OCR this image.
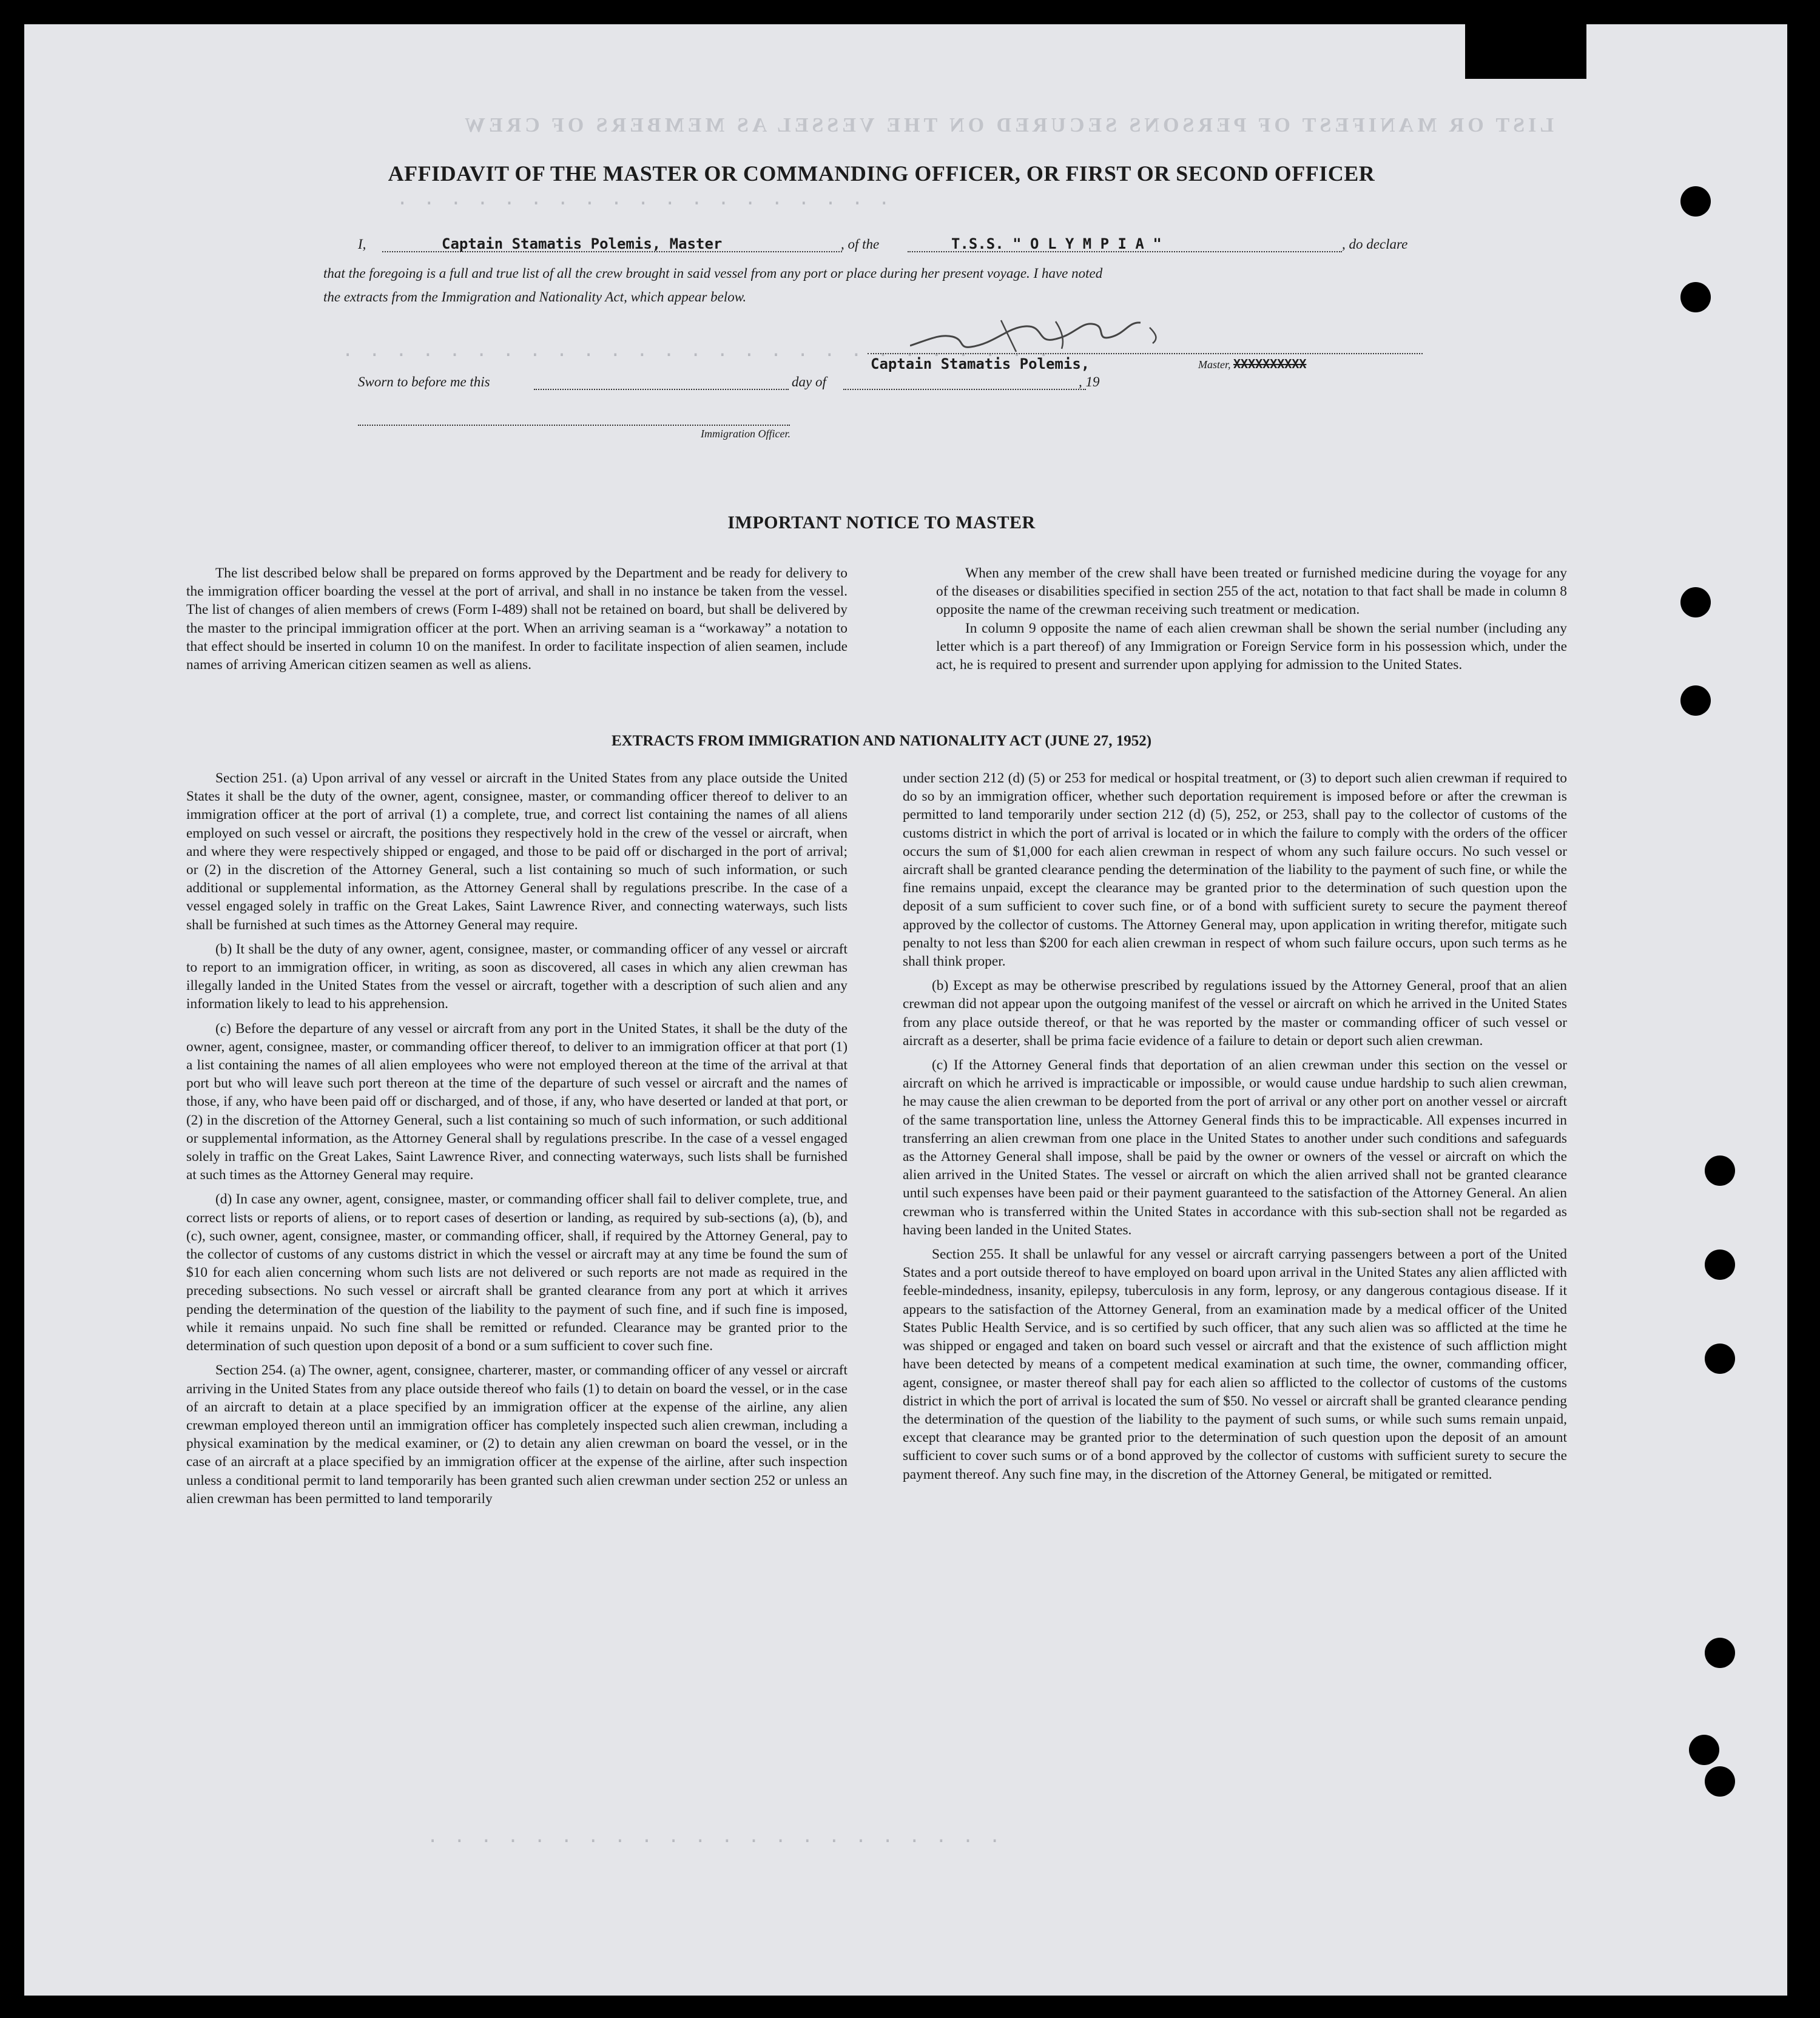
LIST OR MANIFEST OF PERSONS SECURED ON THE VESSEL AS MEMBERS OF CREW
. . . . . . . . . . . . . . . . . . .
. . . . . . . . . . . . . . . . . . . . . . . . . . .
. . . . . . . . . . . . . . . . . . . . . .
AFFIDAVIT OF THE MASTER OR COMMANDING OFFICER, OR FIRST OR SECOND OFFICER
I,	Captain Stamatis Polemis, Master	, of the	T.S.S. " O L Y M P I A "	, do declare
that the foregoing is a full and true list of all the crew brought in said vessel from any port or place during her present voyage. I have noted
the extracts from the Immigration and Nationality Act, which appear below.
Sworn to before me this	day of
Captain Stamatis Polemis,
, 19
Master, XXXXXXXXXX
Immigration Officer.
IMPORTANT NOTICE TO MASTER

The list described below shall be prepared on forms approved by the Department and be ready for delivery to the immigration officer boarding the vessel at the port of arrival, and shall in no instance be taken from the vessel. The list of changes of alien members of crews (Form I-489) shall not be retained on board, but shall be delivered by the master to the principal immigration officer at the port. When an arriving seaman is a “workaway” a notation to that effect should be inserted in column 10 on the manifest. In order to facilitate inspection of alien seamen, include names of arriving American citizen seamen as well as aliens.

When any member of the crew shall have been treated or furnished medicine during the voyage for any of the diseases or disabilities specified in section 255 of the act, notation to that fact shall be made in column 8 opposite the name of the crewman receiving such treatment or medication.

In column 9 opposite the name of each alien crewman shall be shown the serial number (including any letter which is a part thereof) of any Immigration or Foreign Service form in his possession which, under the act, he is required to present and surrender upon applying for admission to the United States.

EXTRACTS FROM IMMIGRATION AND NATIONALITY ACT (JUNE 27, 1952)

Section 251. (a) Upon arrival of any vessel or aircraft in the United States from any place outside the United States it shall be the duty of the owner, agent, consignee, master, or commanding officer thereof to deliver to an immigration officer at the port of arrival (1) a complete, true, and correct list containing the names of all aliens employed on such vessel or aircraft, the positions they respectively hold in the crew of the vessel or aircraft, when and where they were respectively shipped or engaged, and those to be paid off or discharged in the port of arrival; or (2) in the discretion of the Attorney General, such a list containing so much of such information, or such additional or supplemental information, as the Attorney General shall by regulations prescribe. In the case of a vessel engaged solely in traffic on the Great Lakes, Saint Lawrence River, and connecting waterways, such lists shall be furnished at such times as the Attorney General may require.

(b) It shall be the duty of any owner, agent, consignee, master, or commanding officer of any vessel or aircraft to report to an immigration officer, in writing, as soon as discovered, all cases in which any alien crewman has illegally landed in the United States from the vessel or aircraft, together with a description of such alien and any information likely to lead to his apprehension.

(c) Before the departure of any vessel or aircraft from any port in the United States, it shall be the duty of the owner, agent, consignee, master, or commanding officer thereof, to deliver to an immigration officer at that port (1) a list containing the names of all alien employees who were not employed thereon at the time of the arrival at that port but who will leave such port thereon at the time of the departure of such vessel or aircraft and the names of those, if any, who have been paid off or discharged, and of those, if any, who have deserted or landed at that port, or (2) in the discretion of the Attorney General, such a list containing so much of such information, or such additional or supplemental information, as the Attorney General shall by regulations prescribe. In the case of a vessel engaged solely in traffic on the Great Lakes, Saint Lawrence River, and connecting waterways, such lists shall be furnished at such times as the Attorney General may require.

(d) In case any owner, agent, consignee, master, or commanding officer shall fail to deliver complete, true, and correct lists or reports of aliens, or to report cases of desertion or landing, as required by sub-sections (a), (b), and (c), such owner, agent, consignee, master, or commanding officer, shall, if required by the Attorney General, pay to the collector of customs of any customs district in which the vessel or aircraft may at any time be found the sum of $10 for each alien concerning whom such lists are not delivered or such reports are not made as required in the preceding subsections. No such vessel or aircraft shall be granted clearance from any port at which it arrives pending the determination of the question of the liability to the payment of such fine, and if such fine is imposed, while it remains unpaid. No such fine shall be remitted or refunded. Clearance may be granted prior to the determination of such question upon deposit of a bond or a sum sufficient to cover such fine.

Section 254. (a) The owner, agent, consignee, charterer, master, or commanding officer of any vessel or aircraft arriving in the United States from any place outside thereof who fails (1) to detain on board the vessel, or in the case of an aircraft to detain at a place specified by an immigration officer at the expense of the airline, any alien crewman employed thereon until an immigration officer has completely inspected such alien crewman, including a physical examination by the medical examiner, or (2) to detain any alien crewman on board the vessel, or in the case of an aircraft at a place specified by an immigration officer at the expense of the airline, after such inspection unless a conditional permit to land temporarily has been granted such alien crewman under section 252 or unless an alien crewman has been permitted to land temporarily

under section 212 (d) (5) or 253 for medical or hospital treatment, or (3) to deport such alien crewman if required to do so by an immigration officer, whether such deportation requirement is imposed before or after the crewman is permitted to land temporarily under section 212 (d) (5), 252, or 253, shall pay to the collector of customs of the customs district in which the port of arrival is located or in which the failure to comply with the orders of the officer occurs the sum of $1,000 for each alien crewman in respect of whom any such failure occurs. No such vessel or aircraft shall be granted clearance pending the determination of the liability to the payment of such fine, or while the fine remains unpaid, except the clearance may be granted prior to the determination of such question upon the deposit of a sum sufficient to cover such fine, or of a bond with sufficient surety to secure the payment thereof approved by the collector of customs. The Attorney General may, upon application in writing therefor, mitigate such penalty to not less than $200 for each alien crewman in respect of whom such failure occurs, upon such terms as he shall think proper.

(b) Except as may be otherwise prescribed by regulations issued by the Attorney General, proof that an alien crewman did not appear upon the outgoing manifest of the vessel or aircraft on which he arrived in the United States from any place outside thereof, or that he was reported by the master or commanding officer of such vessel or aircraft as a deserter, shall be prima facie evidence of a failure to detain or deport such alien crewman.

(c) If the Attorney General finds that deportation of an alien crewman under this section on the vessel or aircraft on which he arrived is impracticable or impossible, or would cause undue hardship to such alien crewman, he may cause the alien crewman to be deported from the port of arrival or any other port on another vessel or aircraft of the same transportation line, unless the Attorney General finds this to be impracticable. All expenses incurred in transferring an alien crewman from one place in the United States to another under such conditions and safeguards as the Attorney General shall impose, shall be paid by the owner or owners of the vessel or aircraft on which the alien arrived in the United States. The vessel or aircraft on which the alien arrived shall not be granted clearance until such expenses have been paid or their payment guaranteed to the satisfaction of the Attorney General. An alien crewman who is transferred within the United States in accordance with this sub-section shall not be regarded as having been landed in the United States.

Section 255. It shall be unlawful for any vessel or aircraft carrying passengers between a port of the United States and a port outside thereof to have employed on board upon arrival in the United States any alien afflicted with feeble-mindedness, insanity, epilepsy, tuberculosis in any form, leprosy, or any dangerous contagious disease. If it appears to the satisfaction of the Attorney General, from an examination made by a medical officer of the United States Public Health Service, and is so certified by such officer, that any such alien was so afflicted at the time he was shipped or engaged and taken on board such vessel or aircraft and that the existence of such affliction might have been detected by means of a competent medical examination at such time, the owner, commanding officer, agent, consignee, or master thereof shall pay for each alien so afflicted to the collector of customs of the customs district in which the port of arrival is located the sum of $50. No vessel or aircraft shall be granted clearance pending the determination of the question of the liability to the payment of such sums, or while such sums remain unpaid, except that clearance may be granted prior to the determination of such question upon the deposit of an amount sufficient to cover such sums or of a bond approved by the collector of customs with sufficient surety to secure the payment thereof. Any such fine may, in the discretion of the Attorney General, be mitigated or remitted.
